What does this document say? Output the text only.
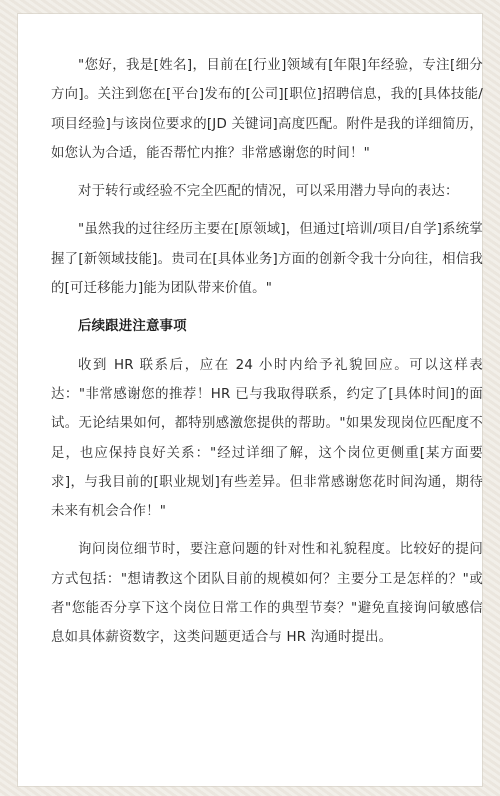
"您好，我是[姓名]，目前在[行业]领域有[年限]年经验，专注[细分方向]。关注到您在[平台]发布的[公司][职位]招聘信息，我的[具体技能/项目经验]与该岗位要求的[JD 关键词]高度匹配。附件是我的详细简历，如您认为合适，能否帮忙内推？非常感谢您的时间！"

对于转行或经验不完全匹配的情况，可以采用潜力导向的表达：

"虽然我的过往经历主要在[原领域]，但通过[培训/项目/自学]系统掌握了[新领域技能]。贵司在[具体业务]方面的创新令我十分向往，相信我的[可迁移能力]能为团队带来价值。"

后续跟进注意事项

收到 HR 联系后，应在 24 小时内给予礼貌回应。可以这样表达："非常感谢您的推荐！HR 已与我取得联系，约定了[具体时间]的面试。无论结果如何，都特别感激您提供的帮助。"如果发现岗位匹配度不足，也应保持良好关系："经过详细了解，这个岗位更侧重[某方面要求]，与我目前的[职业规划]有些差异。但非常感谢您花时间沟通，期待未来有机会合作！"

询问岗位细节时，要注意问题的针对性和礼貌程度。比较好的提问方式包括："想请教这个团队目前的规模如何？主要分工是怎样的？"或者"您能否分享下这个岗位日常工作的典型节奏？"避免直接询问敏感信息如具体薪资数字，这类问题更适合与 HR 沟通时提出。
